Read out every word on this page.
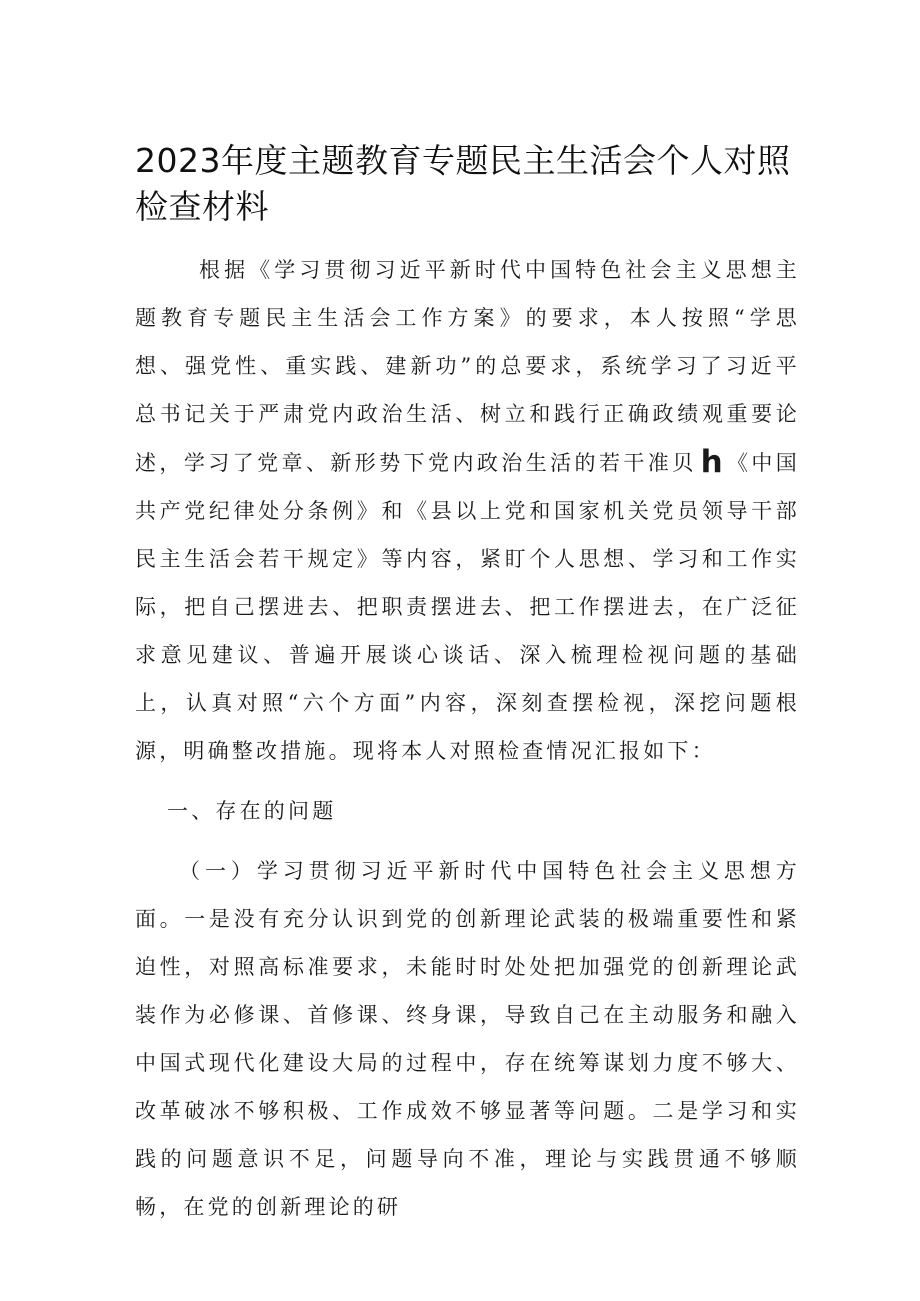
2023年度主题教育专题民主生活会个人对照检查材料

根据《学习贯彻习近平新时代中国特色社会主义思想主题教育专题民主生活会工作方案》的要求，本人按照“学思想、强党性、重实践、建新功”的总要求，系统学习了习近平总书记关于严肃党内政治生活、树立和践行正确政绩观重要论述，学习了党章、新形势下党内政治生活的若干准贝 h 《中国共产党纪律处分条例》和《县以上党和国家机关党员领导干部民主生活会若干规定》等内容，紧盯个人思想、学习和工作实际，把自己摆进去、把职责摆进去、把工作摆进去，在广泛征求意见建议、普遍开展谈心谈话、深入梳理检视问题的基础上，认真对照“六个方面”内容，深刻查摆检视，深挖问题根源，明确整改措施。现将本人对照检查情况汇报如下：

一、存在的问题

（一）学习贯彻习近平新时代中国特色社会主义思想方面。一是没有充分认识到党的创新理论武装的极端重要性和紧迫性，对照高标准要求，未能时时处处把加强党的创新理论武装作为必修课、首修课、终身课，导致自己在主动服务和融入中国式现代化建设大局的过程中，存在统筹谋划力度不够大、改革破冰不够积极、工作成效不够显著等问题。二是学习和实践的问题意识不足，问题导向不准，理论与实践贯通不够顺畅，在党的创新理论的研
